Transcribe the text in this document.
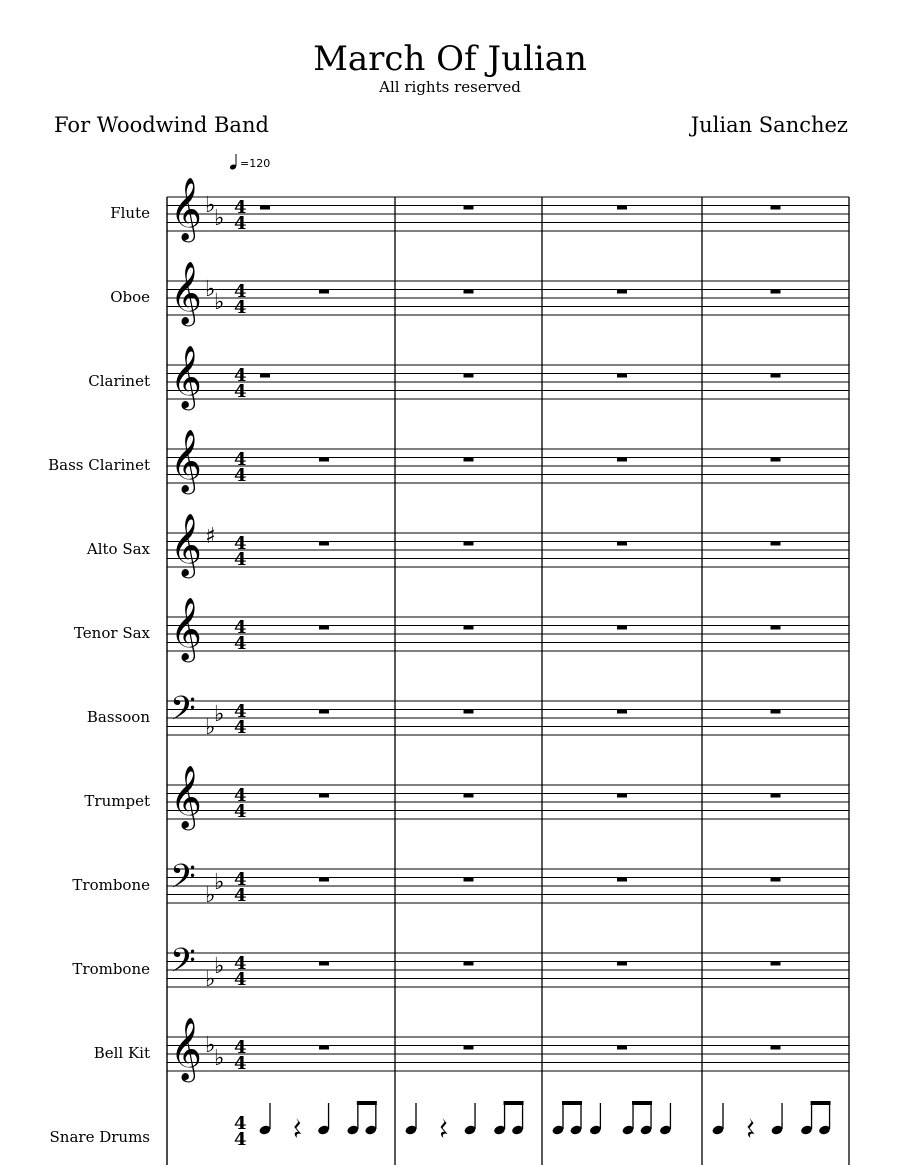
March Of Julian
All rights reserved
For Woodwind Band	Julian Sanchez
𝄞 ♭
♭ 4
4
𝄞 ♭
♭ 4
4
𝄞 4
4
𝄞 4
4
𝄞 ♯ 4
4
𝄞 4
4
𝄢 ♭
♭ 4
4
𝄞 4
4
𝄢 ♭
♭ 4
4
𝄢 ♭
♭ 4
4
𝄞 ♭
♭ 4
4
4
4
Flute
Oboe
Clarinet
Bass Clarinet
Alto Sax
Tenor Sax
Bassoon
Trumpet
Trombone
Trombone
Bell Kit
Snare Drums
=120
